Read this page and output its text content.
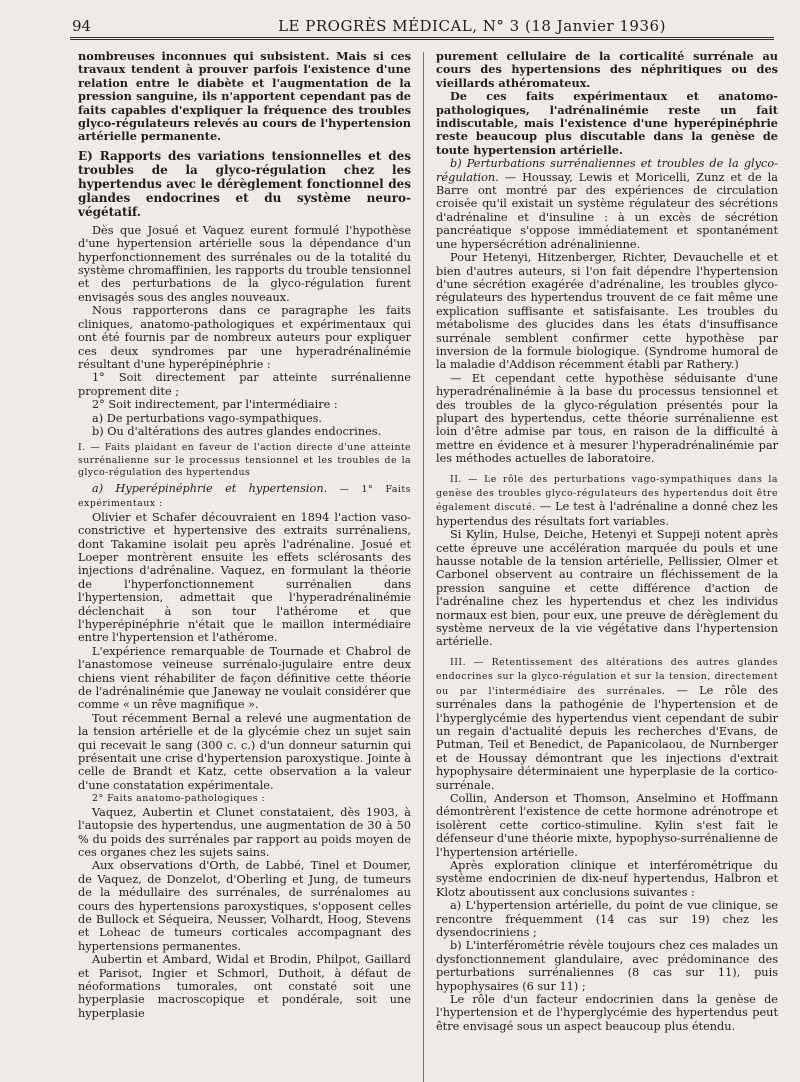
94	LE PROGRÈS MÉDICAL, N° 3 (18 Janvier 1936)

nombreuses inconnues qui subsistent. Mais si ces travaux tendent à prouver parfois l'existence d'une relation entre le diabète et l'augmentation de la pression sanguine, ils n'apportent cependant pas de faits capables d'expliquer la fréquence des troubles glyco-régulateurs relevés au cours de l'hypertension artérielle permanente.

E) Rapports des variations tensionnelles et des troubles de la glyco-régulation chez les hypertendus avec le dérèglement fonctionnel des glandes endocrines et du système neuro-végétatif.

Dès que Josué et Vaquez eurent formulé l'hypothèse d'une hypertension artérielle sous la dépendance d'un hyperfonctionnement des surrénales ou de la totalité du système chromaffinien, les rapports du trouble tensionnel et des perturbations de la glyco-régulation furent envisagés sous des angles nouveaux.

Nous rapporterons dans ce paragraphe les faits cliniques, anatomo-pathologiques et expérimentaux qui ont été fournis par de nombreux auteurs pour expliquer ces deux syndromes par une hyperadrénalinémie résultant d'une hyperépinéphrie :

1° Soit directement par atteinte surrénalienne proprement dite ;

2° Soit indirectement, par l'intermédiaire :

a) De perturbations vago-sympathiques.

b) Ou d'altérations des autres glandes endocrines.

I. — Faits plaidant en faveur de l'action directe d'une atteinte surrénalienne sur le processus tensionnel et les troubles de la glyco-régulation des hypertendus

a) Hyperépinéphrie et hypertension. — 1° Faits expérimentaux :

Olivier et Schafer découvraient en 1894 l'action vaso-constrictive et hypertensive des extraits surrénaliens, dont Takamine isolait peu après l'adrénaline. Josué et Loeper montrèrent ensuite les effets sclérosants des injections d'adrénaline. Vaquez, en formulant la théorie de l'hyperfonctionnement surrénalien dans l'hypertension, admettait que l'hyperadrénalinémie déclenchait à son tour l'athérome et que l'hyperépinéphrie n'était que le maillon intermédiaire entre l'hypertension et l'athérome.

L'expérience remarquable de Tournade et Chabrol de l'anastomose veineuse surrénalo-jugulaire entre deux chiens vient réhabiliter de façon définitive cette théorie de l'adrénalinémie que Janeway ne voulait considérer que comme « un rêve magnifique ».

Tout récemment Bernal a relevé une augmentation de la tension artérielle et de la glycémie chez un sujet sain qui recevait le sang (300 c. c.) d'un donneur saturnin qui présentait une crise d'hypertension paroxystique. Jointe à celle de Brandt et Katz, cette observation a la valeur d'une constatation expérimentale.

2° Faits anatomo-pathologiques :

Vaquez, Aubertin et Clunet constataient, dès 1903, à l'autopsie des hypertendus, une augmentation de 30 à 50 % du poids des surrénales par rapport au poids moyen de ces organes chez les sujets sains.

Aux observations d'Orth, de Labbé, Tinel et Doumer, de Vaquez, de Donzelot, d'Oberling et Jung, de tumeurs de la médullaire des surrénales, de surrénalomes au cours des hypertensions paroxystiques, s'opposent celles de Bullock et Séqueira, Neusser, Volhardt, Hoog, Stevens et Loheac de tumeurs corticales accompagnant des hypertensions permanentes.

Aubertin et Ambard, Widal et Brodin, Philpot, Gaillard et Parisot, Ingier et Schmorl, Duthoit, à défaut de néoformations tumorales, ont constaté soit une hyperplasie macroscopique et pondérale, soit une hyperplasie

purement cellulaire de la corticalité surrénale au cours des hypertensions des néphritiques ou des vieillards athéromateux.

De ces faits expérimentaux et anatomo-pathologiques, l'adrénalinémie reste un fait indiscutable, mais l'existence d'une hyperépinéphrie reste beaucoup plus discutable dans la genèse de toute hypertension artérielle.

b) Perturbations surrénaliennes et troubles de la glyco-régulation. — Houssay, Lewis et Moricelli, Zunz et de la Barre ont montré par des expériences de circulation croisée qu'il existait un système régulateur des sécrétions d'adrénaline et d'insuline : à un excès de sécrétion pancréatique s'oppose immédiatement et spontanément une hypersécrétion adrénalinienne.

Pour Hetenyi, Hitzenberger, Richter, Devauchelle et et bien d'autres auteurs, si l'on fait dépendre l'hypertension d'une sécrétion exagérée d'adrénaline, les troubles glyco-régulateurs des hypertendus trouvent de ce fait même une explication suffisante et satisfaisante. Les troubles du métabolisme des glucides dans les états d'insuffisance surrénale semblent confirmer cette hypothèse par inversion de la formule biologique. (Syndrome humoral de la maladie d'Addison récemment établi par Rathery.)

— Et cependant cette hypothèse séduisante d'une hyperadrénalinémie à la base du processus tensionnel et des troubles de la glyco-régulation présentés pour la plupart des hypertendus, cette théorie surrénalienne est loin d'être admise par tous, en raison de la difficulté à mettre en évidence et à mesurer l'hyperadrénalinémie par les méthodes actuelles de laboratoire.

II. — Le rôle des perturbations vago-sympathiques dans la genèse des troubles glyco-régulateurs des hypertendus doit être également discuté. — Le test à l'adrénaline a donné chez les hypertendus des résultats fort variables.

Si Kylin, Hulse, Deiche, Hetenyi et Suppeji notent après cette épreuve une accélération marquée du pouls et une hausse notable de la tension artérielle, Pellissier, Olmer et Carbonel observent au contraire un fléchissement de la pression sanguine et cette différence d'action de l'adrénaline chez les hypertendus et chez les individus normaux est bien, pour eux, une preuve de dérèglement du système nerveux de la vie végétative dans l'hypertension artérielle.

III. — Retentissement des altérations des autres glandes endocrines sur la glyco-régulation et sur la tension, directement ou par l'intermédiaire des surrénales. — Le rôle des surrénales dans la pathogénie de l'hypertension et de l'hyperglycémie des hypertendus vient cependant de subir un regain d'actualité depuis les recherches d'Evans, de Putman, Teil et Benedict, de Papanicolaou, de Nurnberger et de Houssay démontrant que les injections d'extrait hypophysaire déterminaient une hyperplasie de la cortico-surrénale.

Collin, Anderson et Thomson, Anselmino et Hoffmann démontrèrent l'existence de cette hormone adrénotrope et isolèrent cette cortico-stimuline. Kylin s'est fait le défenseur d'une théorie mixte, hypophyso-surrénalienne de l'hypertension artérielle.

Après exploration clinique et interférométrique du système endocrinien de dix-neuf hypertendus, Halbron et Klotz aboutissent aux conclusions suivantes :

a) L'hypertension artérielle, du point de vue clinique, se rencontre fréquemment (14 cas sur 19) chez les dysendocriniens ;

b) L'interférométrie révèle toujours chez ces malades un dysfonctionnement glandulaire, avec prédominance des perturbations surrénaliennes (8 cas sur 11), puis hypophysaires (6 sur 11) ;

Le rôle d'un facteur endocrinien dans la genèse de l'hypertension et de l'hyperglycémie des hypertendus peut être envisagé sous un aspect beaucoup plus étendu.
